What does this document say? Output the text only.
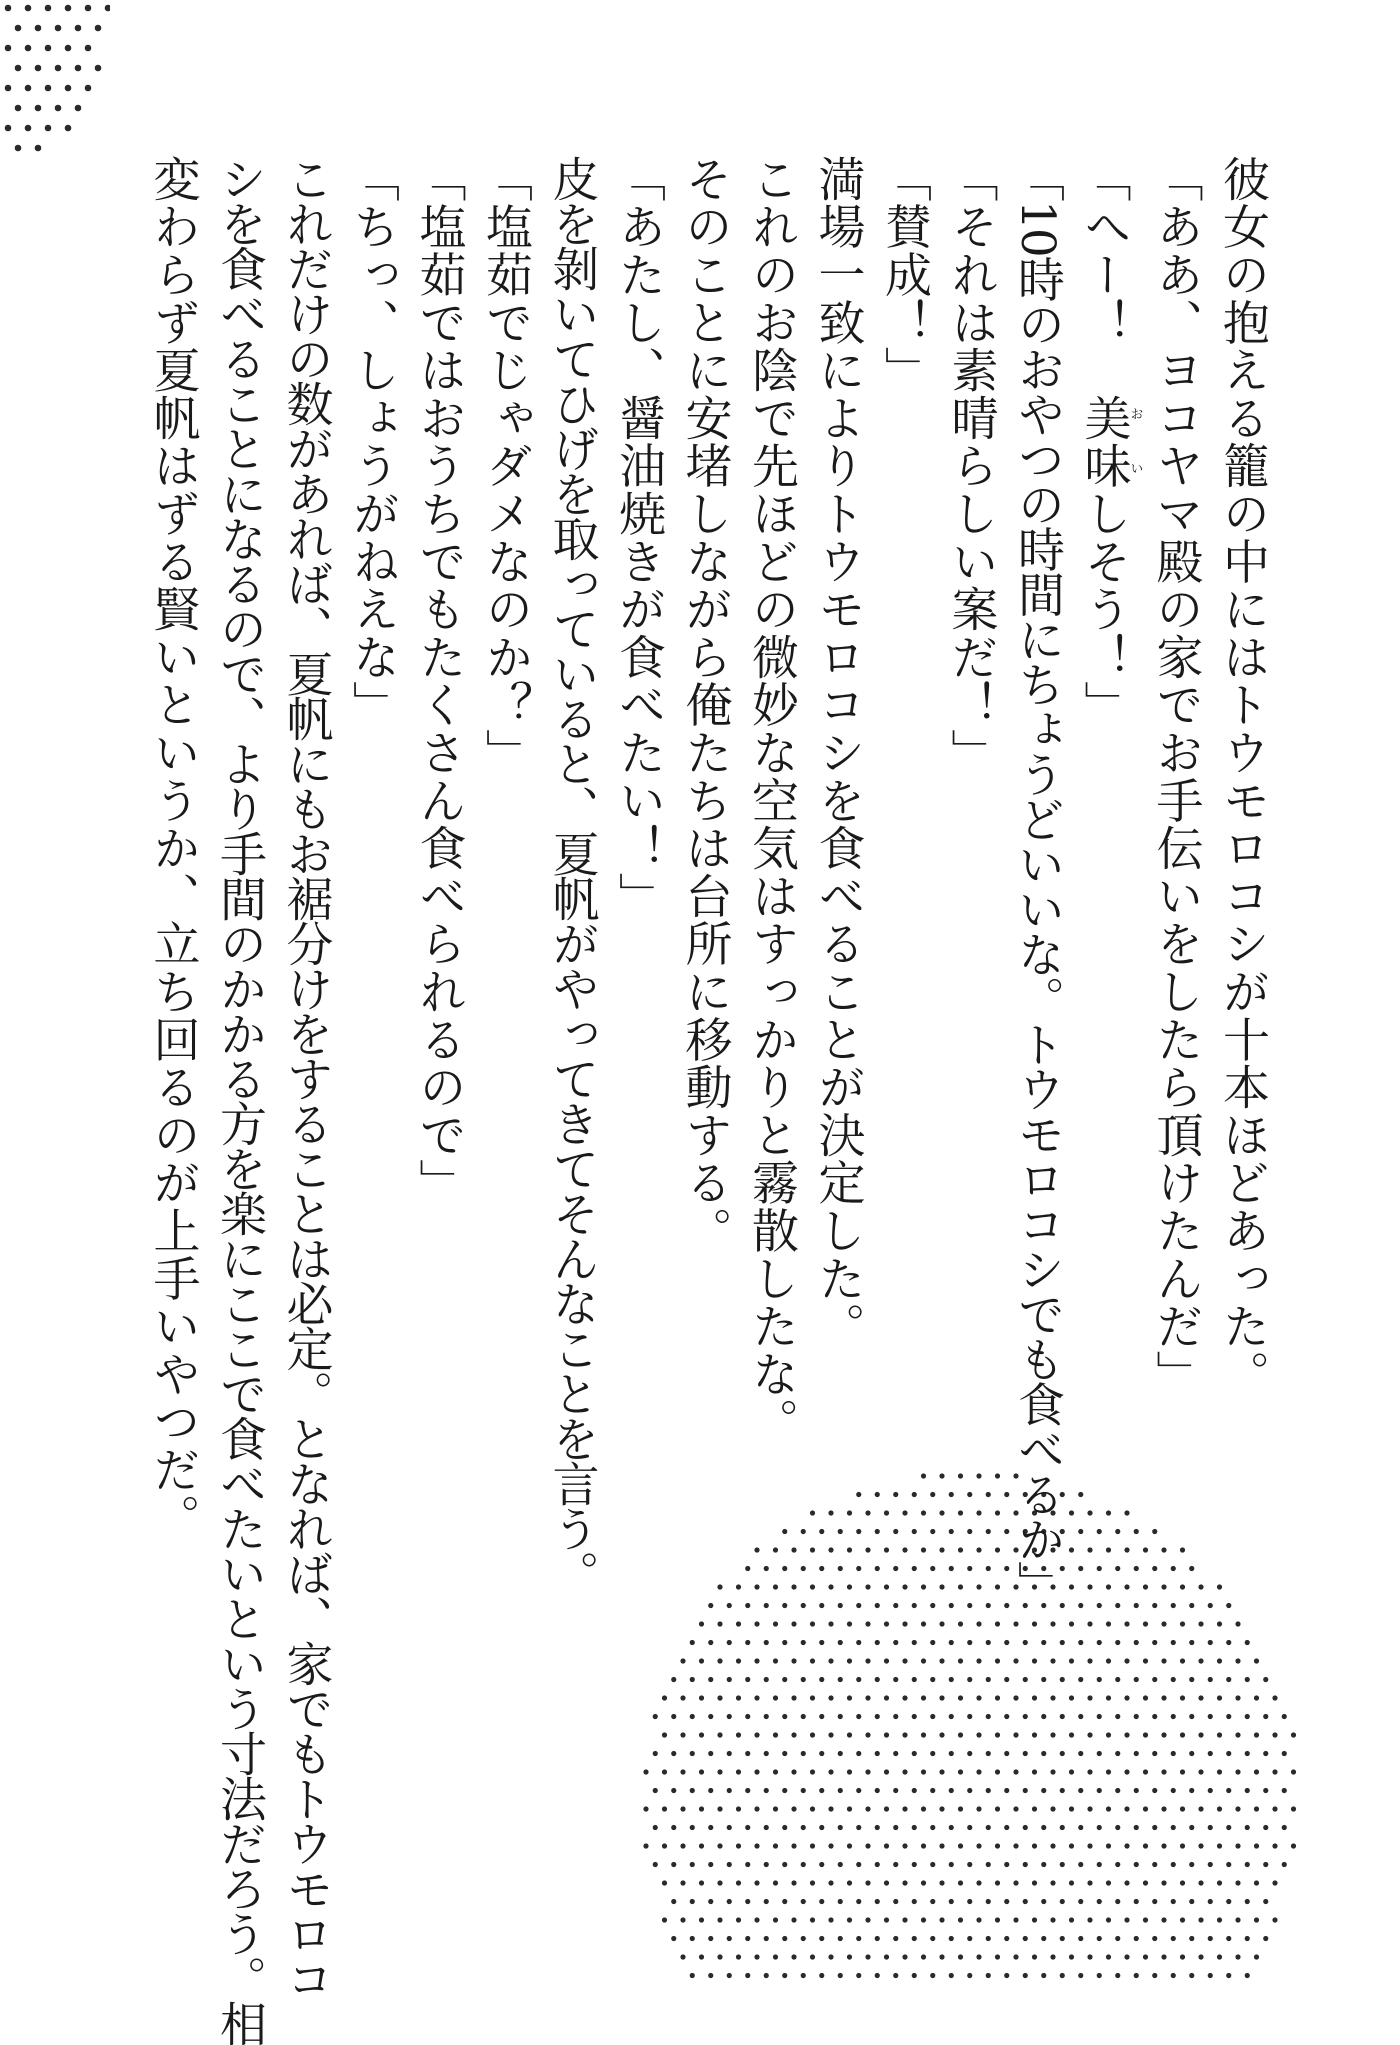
彼女の抱える籠の中にはトウモロコシが十本ほどあった。
「ああ、ヨコヤマ殿の家でお手伝いをしたら頂けたんだ」
「へー！　美味おいしそう！」
「10時のおやつの時間にちょうどいいな。トウモロコシでも食べるか」
「それは素晴らしい案だ！」
「賛成！」
満場一致によりトウモロコシを食べることが決定した。
これのお陰で先ほどの微妙な空気はすっかりと霧散したな。
そのことに安堵しながら俺たちは台所に移動する。
「あたし、醤油焼きが食べたい！」
皮を剝いてひげを取っていると、夏帆がやってきてそんなことを言う。
「塩茹でじゃダメなのか？」
「塩茹ではおうちでもたくさん食べられるので」
「ちっ、しょうがねえな」
これだけの数があれば、夏帆にもお裾分けをすることは必定。となれば、家でもトウモロコ
シを食べることになるので、より手間のかかる方を楽にここで食べたいという寸法だろう。相
変わらず夏帆はずる賢いというか、立ち回るのが上手いやつだ。
